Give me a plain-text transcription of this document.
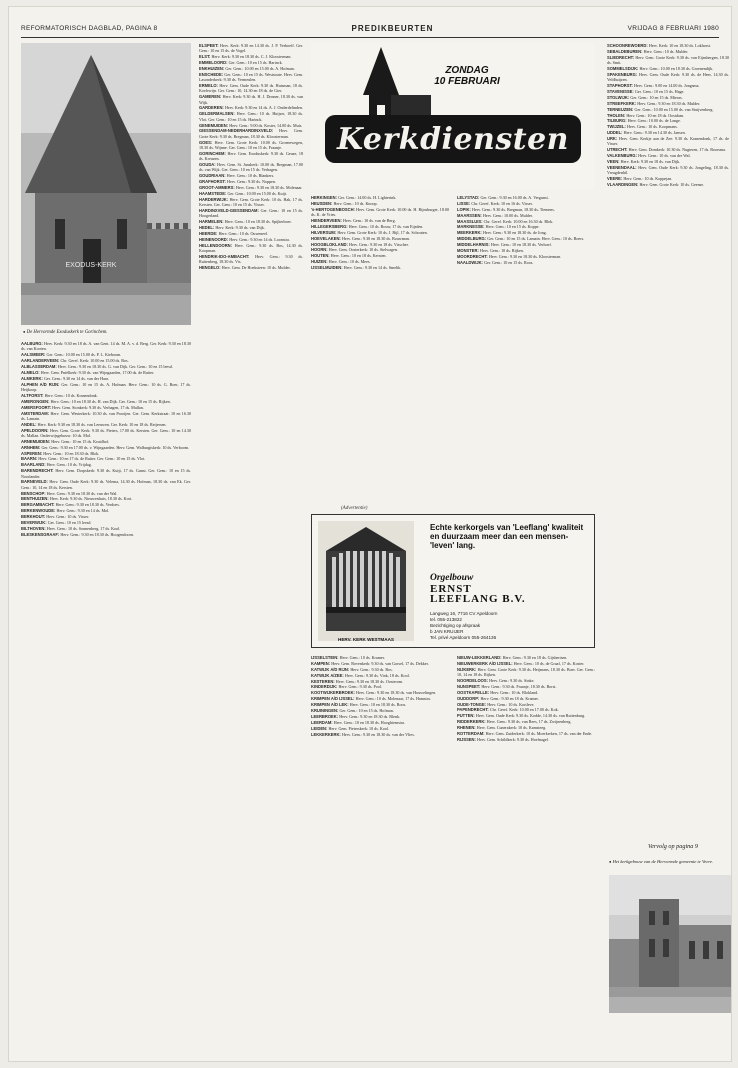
REFORMATORISCH DAGBLAD, PAGINA 8	PREDIKBEURTEN	VRIJDAG 8 FEBRUARI 1980
EXODUS-KERK
● De Hervormde Exoduskerk te Gorinchem.

AALBURG: Herv. Kerk: 9.30 en 18 ds. A. van Gent. 14 ds. M. A. v. d. Berg. Ger. Kerk: 9.30 en 18.30 ds. van Kooten.

AALSMEER: Ger. Gem.: 10.00 en 15.00 ds. P. L. Kieboom.

AARLANDERVEEN: Chr. Geref. Kerk: 10.00 en 15.00 ds. Bos.

ALBLASSERDAM: Herv. Gem.: 9.30 en 18.30 ds. G. van Dijk. Ger. Gem.: 10 en 15 leesd.

ALMELO: Herv. Gem. Pniëlkerk: 9.30 ds. van Wijngaarden, 17.00 ds. de Ruiter.

ALMKERK: Ger. Gem.: 9.30 en 14 ds. van der Haar.

ALPHEN A/D RIJN: Ger. Gem.: 10 en 15 ds. A. Hofman. Herv. Gem.: 10 ds. G. Boer, 17 ds. Heijkoop.

ALTFORST: Herv. Gem.: 10 ds. Kranendonk.

AMERONGEN: Herv. Gem.: 10 en 18.30 ds. H. van Dijk. Ger. Gem.: 10 en 15 ds. Rijken.

AMERSFOORT: Herv. Gem. Sionkerk: 9.30 ds. Verhagen, 17 ds. Mallan.

AMSTERDAM: Herv. Gem. Westerkerk: 10.30 ds. van Prooijen. Ger. Gem. Kerkstraat: 10 en 16.30 ds. Lamain.

ANDEL: Herv. Kerk: 9.30 en 18.30 ds. van Leeuwen. Ger. Kerk: 10 en 18 ds. Reijersen.

APELDOORN: Herv. Gem. Grote Kerk: 9.30 ds. Pieters, 17.00 ds. Kersten. Ger. Gem.: 10 en 14.30 ds. Mallan. Onderwijsgebouw: 10 ds. Mol.

ARNEMUIDEN: Herv. Gem.: 10 en 15 ds. Kruidhof.

ARNHEM: Ger. Gem.: 9.30 en 17.00 ds. v. Wijngaarden. Herv. Gem. Walburgiskerk: 10 ds. Verboom.

ASPEREN: Herv. Gem.: 10 en 18.30 ds. Blok.

BAARN: Herv. Gem.: 10 en 17 ds. de Ruiter. Ger. Gem.: 10 en 15 ds. Vlot.

BAARLAND: Herv. Gem.: 10 ds. Vrijdag.

BARENDRECHT: Herv. Gem. Dorpskerk: 9.30 ds. Kuijt, 17 ds. Gunst. Ger. Gem.: 10 en 15 ds. Noorlander.

BARNEVELD: Herv. Gem. Oude Kerk: 9.30 ds. Velema, 14.30 ds. Hofman, 18.30 ds. van Ek. Ger. Gem.: 10, 14 en 18 ds. Kersten.

BENSCHOP: Herv. Gem.: 9.30 en 18.30 ds. van der Wal.

BENTHUIZEN: Herv. Kerk: 9.30 ds. Nieuwenhuis, 18.30 ds. Kort.

BERGAMBACHT: Herv. Gem.: 9.30 en 18.30 ds. Verdoes.

BERKENWOUDE: Herv. Gem.: 9.30 en 14 ds. Mol.

BERKHOUT: Herv. Gem.: 10 ds. Visser.

BEVERWIJK: Ger. Gem.: 10 en 15 leesd.

BILTHOVEN: Herv. Gem.: 10 ds. Sonnenberg, 17 ds. Kool.

BLESKENSGRAAF: Herv. Gem.: 9.30 en 18.30 ds. Hoogendoorn.

ELSPEET: Herv. Kerk: 9.30 en 14.30 ds. J. P. Verhoeff. Ger. Gem.: 10 en 15 ds. de Vogel.

ELST: Herv. Kerk: 9.30 en 18.30 ds. C. J. Kloosterman.

EMMELOORD: Ger. Gem.: 10 en 15 ds. Harinck.

ENKHUIZEN: Ger. Gem.: 10.00 en 15.00 ds. A. Hofman.

ENSCHEDE: Ger. Gem.: 10 en 15 ds. Weststrate. Herv. Gem. Lasonderkerk: 9.30 ds. Vermeulen.

ERMELO: Herv. Gem. Oude Kerk: 9.30 ds. Huisman, 18 ds. Koelewijn. Ger. Gem.: 10, 14.30 en 18 ds. de Gier.

GAMEREN: Herv. Kerk: 9.30 ds. H. J. Donner, 18.30 ds. van Wijk.

GARDEREN: Herv. Kerk: 9.30 en 14 ds. A. J. Onderdelinden.

GELDERMALSEN: Herv. Gem.: 10 ds. Huijser, 18.30 ds. Vlot. Ger. Gem.: 10 en 15 ds. Harinck.

GENEMUIDEN: Herv. Gem.: 9.00 ds. Koster, 14.00 ds. Muis.

GIESSENDAM-NEDERHARDINXVELD: Herv. Gem. Grote Kerk: 9.30 ds. Bregman, 18.30 ds. Kloosterman.

GOES: Herv. Gem. Grote Kerk: 10.00 ds. Groenewegen, 18.30 ds. Wijnne. Ger. Gem.: 10 en 15 ds. Fraanje.

GORINCHEM: Herv. Gem. Exoduskerk: 9.30 ds. Geuze, 18 ds. Kreuzen.

GOUDA: Herv. Gem. St. Janskerk: 10.00 ds. Bregman, 17.00 ds. van Wijk. Ger. Gem.: 10 en 15 ds. Verhagen.

GOUDRIAAN: Herv. Gem.: 10 ds. Blankers.

GRAFHORST: Herv. Gem.: 9.30 ds. Noppen.

GROOT-AMMERS: Herv. Gem.: 9.30 en 18.30 ds. Molenaar.

HAAMSTEDE: Ger. Gem.: 10.00 en 15.00 ds. Kuijt.

HARDERWIJK: Herv. Gem. Grote Kerk: 10 ds. Hak, 17 ds. Kersten. Ger. Gem.: 10 en 15 ds. Visser.

HARDINXVELD-GIESSENDAM: Ger. Gem.: 10 en 15 ds. Hoogerland.

HARMELEN: Herv. Gem.: 10 en 18.30 ds. Spijkerboer.

HEDEL: Herv. Kerk: 9.30 ds. van Dijk.

HEERDE: Herv. Gem.: 10 ds. Ouweneel.

HEINENOORD: Herv. Gem.: 9.30 en 14 ds. Loonstra.

HELLENDOORN: Herv. Gem.: 9.30 ds. Bos, 14.30 ds. Koopman.

HENDRIK-IDO-AMBACHT: Herv. Gem.: 9.30 ds. Ruitenberg, 18.30 ds. Vis.

HENGELO: Herv. Gem. De Hoeksteen: 10 ds. Mulder.

HERKINGEN: Ger. Gem.: 14.00 ds. H. Lighterink.

HEUSDEN: Herv. Gem.: 10 ds. Knoop.

's-HERTOGENBOSCH: Herv. Gem. Grote Kerk: 10.00 ds. H. Rijnsburger, 18.00 ds. K. de Vries.

HIENDERVEEN: Herv. Gem.: 10 ds. van de Berg.

HILLEGERSBERG: Herv. Gem.: 10 ds. Bouw, 17 ds. van Eijsden.

HILVERSUM: Herv. Gem. Grote Kerk: 10 ds. J. Bijl, 17 ds. Schouten.

HOEVELAKEN: Herv. Gem.: 9.30 en 18.30 ds. Bouwman.

HOOGBLOKLAND: Herv. Gem.: 9.30 en 18 ds. Visscher.

HOORN: Herv. Gem. Oosterkerk: 10 ds. Stelwagen.

HOUTEN: Herv. Gem.: 10 en 18 ds. Kersten.

HUIZEN: Herv. Gem.: 10 ds. Mees.

IJSSELMUIDEN: Herv. Gem.: 9.30 en 14 ds. Smelik.

IJSSELSTEIN: Herv. Gem.: 10 ds. Kramer.

KAMPEN: Herv. Gem. Bovenkerk: 9.30 ds. van Gorsel, 17 ds. Dekker.

KATWIJK A/D RIJN: Herv. Gem.: 9.30 ds. Bos.

KATWIJK A/ZEE: Herv. Gem.: 9.30 ds. Vink, 18 ds. Kool.

KESTEREN: Herv. Gem.: 9.30 en 18.30 ds. Oosterom.

KINDERDIJK: Herv. Gem.: 9.30 ds. Pool.

KOOTWIJKERBROEK: Herv. Gem.: 9.30 en 18.30 ds. van Houwelingen.

KRIMPEN A/D IJSSEL: Herv. Gem.: 10 ds. Molenaar, 17 ds. Hamstra.

KRIMPEN A/D LEK: Herv. Gem.: 10 en 18.30 ds. Roos.

KRUININGEN: Ger. Gem.: 10 en 15 ds. Hofman.

LEERBROEK: Herv. Gem.: 9.30 en 18.30 ds. Blenk.

LEERDAM: Herv. Gem.: 10 en 18.30 ds. Hooghiemstra.

LEIDEN: Herv. Gem. Pieterskerk: 10 ds. Kool.

LEKKERKERK: Herv. Gem.: 9.30 en 18.30 ds. van der Vlies.

LELYSTAD: Ger. Gem.: 9.30 en 16.00 ds. A. Vergunst.

LISSE: Chr. Geref. Kerk: 10 en 16 ds. Visser.

LOPIK: Herv. Gem.: 9.30 ds. Bregman, 18.30 ds. Tiemens.

MAARSSEN: Herv. Gem.: 10.00 ds. Mulder.

MAASSLUIS: Chr. Geref. Kerk: 10.00 en 16.30 ds. Blok.

MARKNESSE: Herv. Gem.: 10 en 15 ds. Koppe.

MEERKERK: Herv. Gem.: 9.30 en 18.30 ds. de Jong.

MIDDELBURG: Ger. Gem.: 10 en 15 ds. Lamain. Herv. Gem.: 10 ds. Boers.

MIDDELHARNIS: Herv. Gem.: 10 en 18.30 ds. Verhoef.

MONSTER: Herv. Gem.: 10 ds. Rijken.

MOORDRECHT: Herv. Gem.: 9.30 en 18.30 ds. Kloosterman.

NAALDWIJK: Ger. Gem.: 10 en 15 ds. Roos.

NIEUW-LEKKERLAND: Herv. Gem.: 9.30 en 18 ds. Gijsbertsen.

NIEUWERKERK A/D IJSSEL: Herv. Gem.: 10 ds. de Graaf, 17 ds. Koster.

NIJKERK: Herv. Gem. Grote Kerk: 9.30 ds. Heijmans, 18.30 ds. Boer. Ger. Gem.: 10, 14 en 18 ds. Rijken.

NOORDELOOS: Herv. Gem.: 9.30 ds. Sinke.

NUNSPEET: Herv. Gem.: 9.30 ds. Fraanje, 18.30 ds. Borst.

OOSTKAPELLE: Herv. Gem.: 10 ds. Blokland.

OUDDORP: Herv. Gem.: 9.30 en 18 ds. Kramer.

OUDE-TONGE: Herv. Gem.: 10 ds. Kortleve.

PAPENDRECHT: Chr. Geref. Kerk: 10.00 en 17.00 ds. Kok.

PUTTEN: Herv. Gem. Oude Kerk: 9.30 ds. Kodde, 14.30 ds. van Ruitenburg.

RIDDERKERK: Herv. Gem.: 9.30 ds. van Rees, 17 ds. Zwijnenberg.

RHENEN: Herv. Gem. Cunerakerk: 10 ds. Kamsteeg.

ROTTERDAM: Herv. Gem. Zuiderkerk: 10 ds. Moerkerken, 17 ds. van der Ende.

RIJSSEN: Herv. Gem. Schildkerk: 9.30 ds. Hoefnagel.

SCHOONREWOERD: Herv. Kerk: 10 en 18.30 ds. Lokhorst.

SEBALDEBUREN: Herv. Gem.: 10 ds. Mulder.

SLIEDRECHT: Herv. Gem. Grote Kerk: 9.30 ds. van Eijnsbergen, 18.30 ds. Smit.

SOMMELSDIJK: Herv. Gem.: 10.00 en 18.30 ds. Groenendijk.

SPAKENBURG: Herv. Gem. Oude Kerk: 9.30 ds. de Heer, 14.30 ds. Veldhuijzen.

STAPHORST: Herv. Gem.: 9.00 en 14.00 ds. Jongsma.

STAVENISSE: Ger. Gem.: 10 en 15 ds. Hage.

STOLWIJK: Ger. Gem.: 10 en 15 ds. Mieras.

STREEFKERK: Herv. Gem.: 9.30 en 18.30 ds. Mulder.

TERNEUZEN: Ger. Gem.: 10.00 en 15.00 ds. van Stuijvenberg.

THOLEN: Herv. Gem.: 10 en 18 ds. Oostdam.

TILBURG: Herv. Gem.: 10.00 ds. de Lange.

TWIJZEL: Herv. Gem.: 10 ds. Koopmans.

UDDEL: Herv. Gem.: 9.30 en 14.30 ds. Jansen.

URK: Herv. Gem. Kerkje aan de Zee: 9.30 ds. Kranendonk, 17 ds. de Visser.

UTRECHT: Herv. Gem. Domkerk: 10.30 ds. Nugteren, 17 ds. Boorsma.

VALKENBURG: Herv. Gem.: 10 ds. van der Wal.

VEEN: Herv. Kerk: 9.30 en 18 ds. van Dijk.

VEENENDAAL: Herv. Gem. Oude Kerk: 9.30 ds. Jongeling, 18.30 ds. Vreugdenhil.

VEERE: Herv. Gem.: 10 ds. Koppejan.

VLAARDINGEN: Herv. Gem. Grote Kerk: 10 ds. Geense.

ZONDAG
10 FEBRUARI
Kerkdiensten
(Advertentie)
Echte kerkorgels van 'Leeflang' kwaliteit en duurzaam meer dan een mensen-'leven' lang.
Orgelbouw
ERNST
LEEFLANG B.V.
Langweg 16, 7716 CV Apeldoorn
tel. 055-213822
Bezichtiging op afspraak
b JAN KRUIJER
Tel. privé Apeldoorn 055-264136
HERV. KERK WESTMAAS
Vervolg op pagina 9
● Het kerkgebouw van de Hervormde gemeente te Veere.
